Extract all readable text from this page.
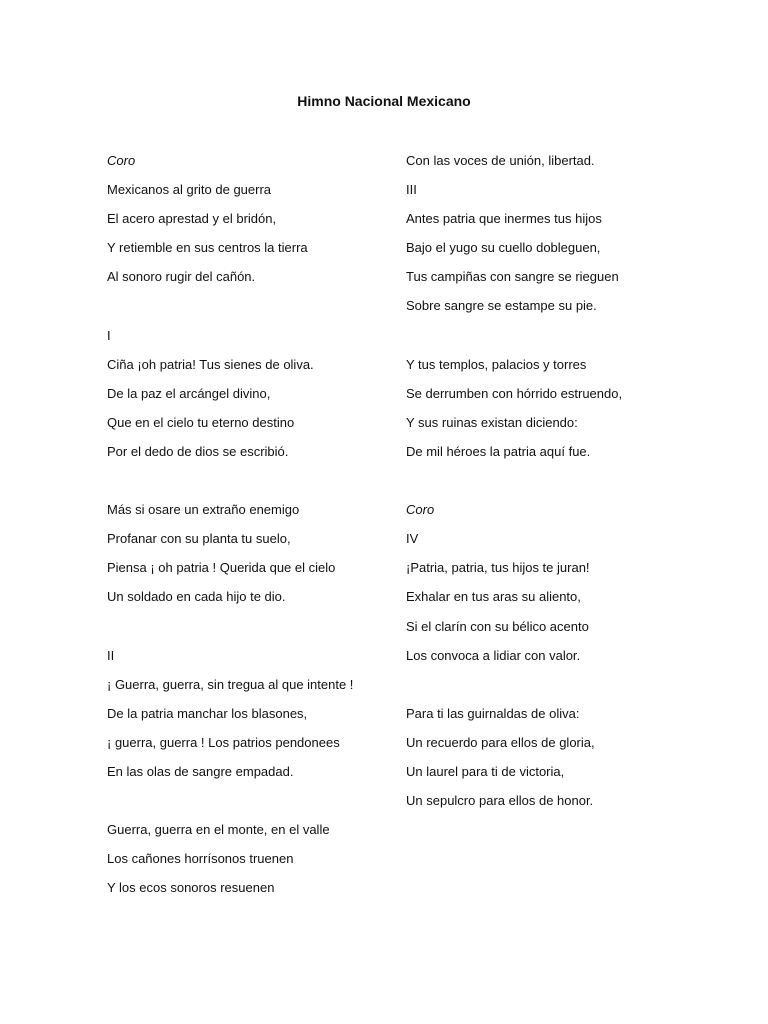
Himno Nacional Mexicano
Coro
Mexicanos al grito de guerra
El acero aprestad y el bridón,
Y retiemble en sus centros la tierra
Al sonoro rugir del cañón.
I
Ciña ¡oh patria! Tus sienes de oliva.
De la paz el arcángel divino,
Que en el cielo tu eterno destino
Por el dedo de dios se escribió.
Más si osare un extraño enemigo
Profanar con su planta tu suelo,
Piensa ¡ oh patria ! Querida que el cielo
Un soldado en cada hijo te dio.
II
¡ Guerra, guerra, sin tregua al que intente !
De la patria manchar los blasones,
¡ guerra, guerra ! Los patrios pendonees
En las olas de sangre empadad.
Guerra, guerra en el monte, en el valle
Los cañones horrísonos truenen
Y los ecos sonoros resuenen
Con las voces de unión, libertad.
III
Antes patria que inermes tus hijos
Bajo el yugo su cuello dobleguen,
Tus campiñas con sangre se rieguen
Sobre sangre se estampe su pie.
Y tus templos, palacios y torres
Se derrumben con hórrido estruendo,
Y sus ruinas existan diciendo:
De mil héroes la patria aquí fue.
Coro
IV
¡Patria, patria, tus hijos te juran!
Exhalar en tus aras su aliento,
Si el clarín con su bélico acento
Los convoca a lidiar con valor.
Para ti las guirnaldas de oliva:
Un recuerdo para ellos de gloria,
Un laurel para ti de victoria,
Un sepulcro para ellos de honor.
